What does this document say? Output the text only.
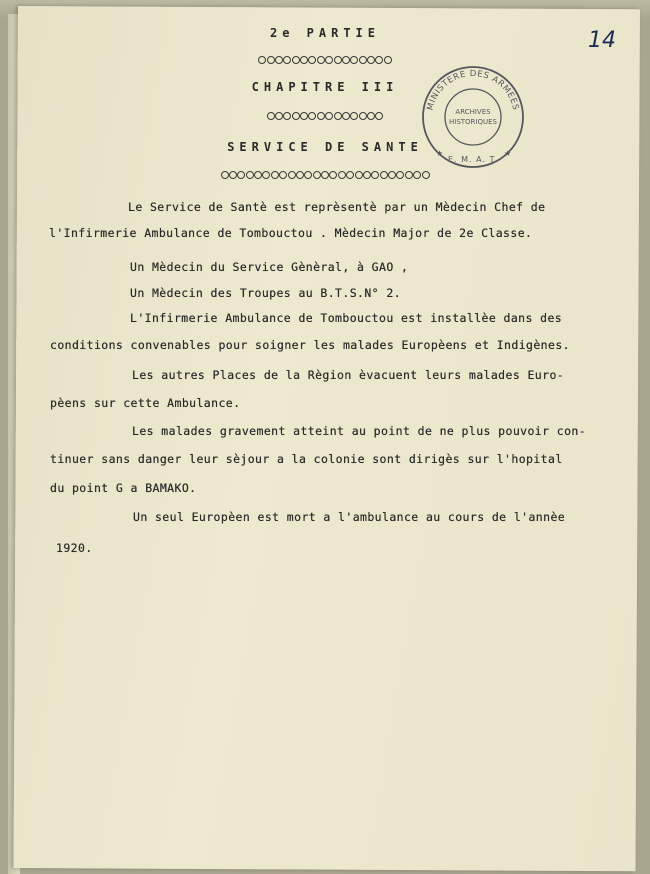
14
2e PARTIE
CHAPITRE III
SERVICE DE SANTE
MINISTERE DES ARMEES
ARCHIVES
HISTORIQUES
E. M. A. T.
★	★
Le Service de Santè est reprèsentè par un Mèdecin Chef de
l'Infirmerie Ambulance de Tombouctou . Mèdecin Major de 2e Classe.
Un Mèdecin du Service Gènèral, à GAO ,
Un Mèdecin des Troupes au B.T.S.N° 2.
L'Infirmerie Ambulance de Tombouctou est installèe dans des
conditions convenables pour soigner les malades Europèens et Indigènes.
Les autres Places de la Règion èvacuent leurs malades Euro-
pèens sur cette Ambulance.
Les malades gravement atteint au point de ne plus pouvoir con-
tinuer sans danger leur sèjour a la colonie sont dirigès sur l'hopital
du point G a BAMAKO.
Un seul Europèen est mort a l'ambulance au cours de l'annèe
1920.
